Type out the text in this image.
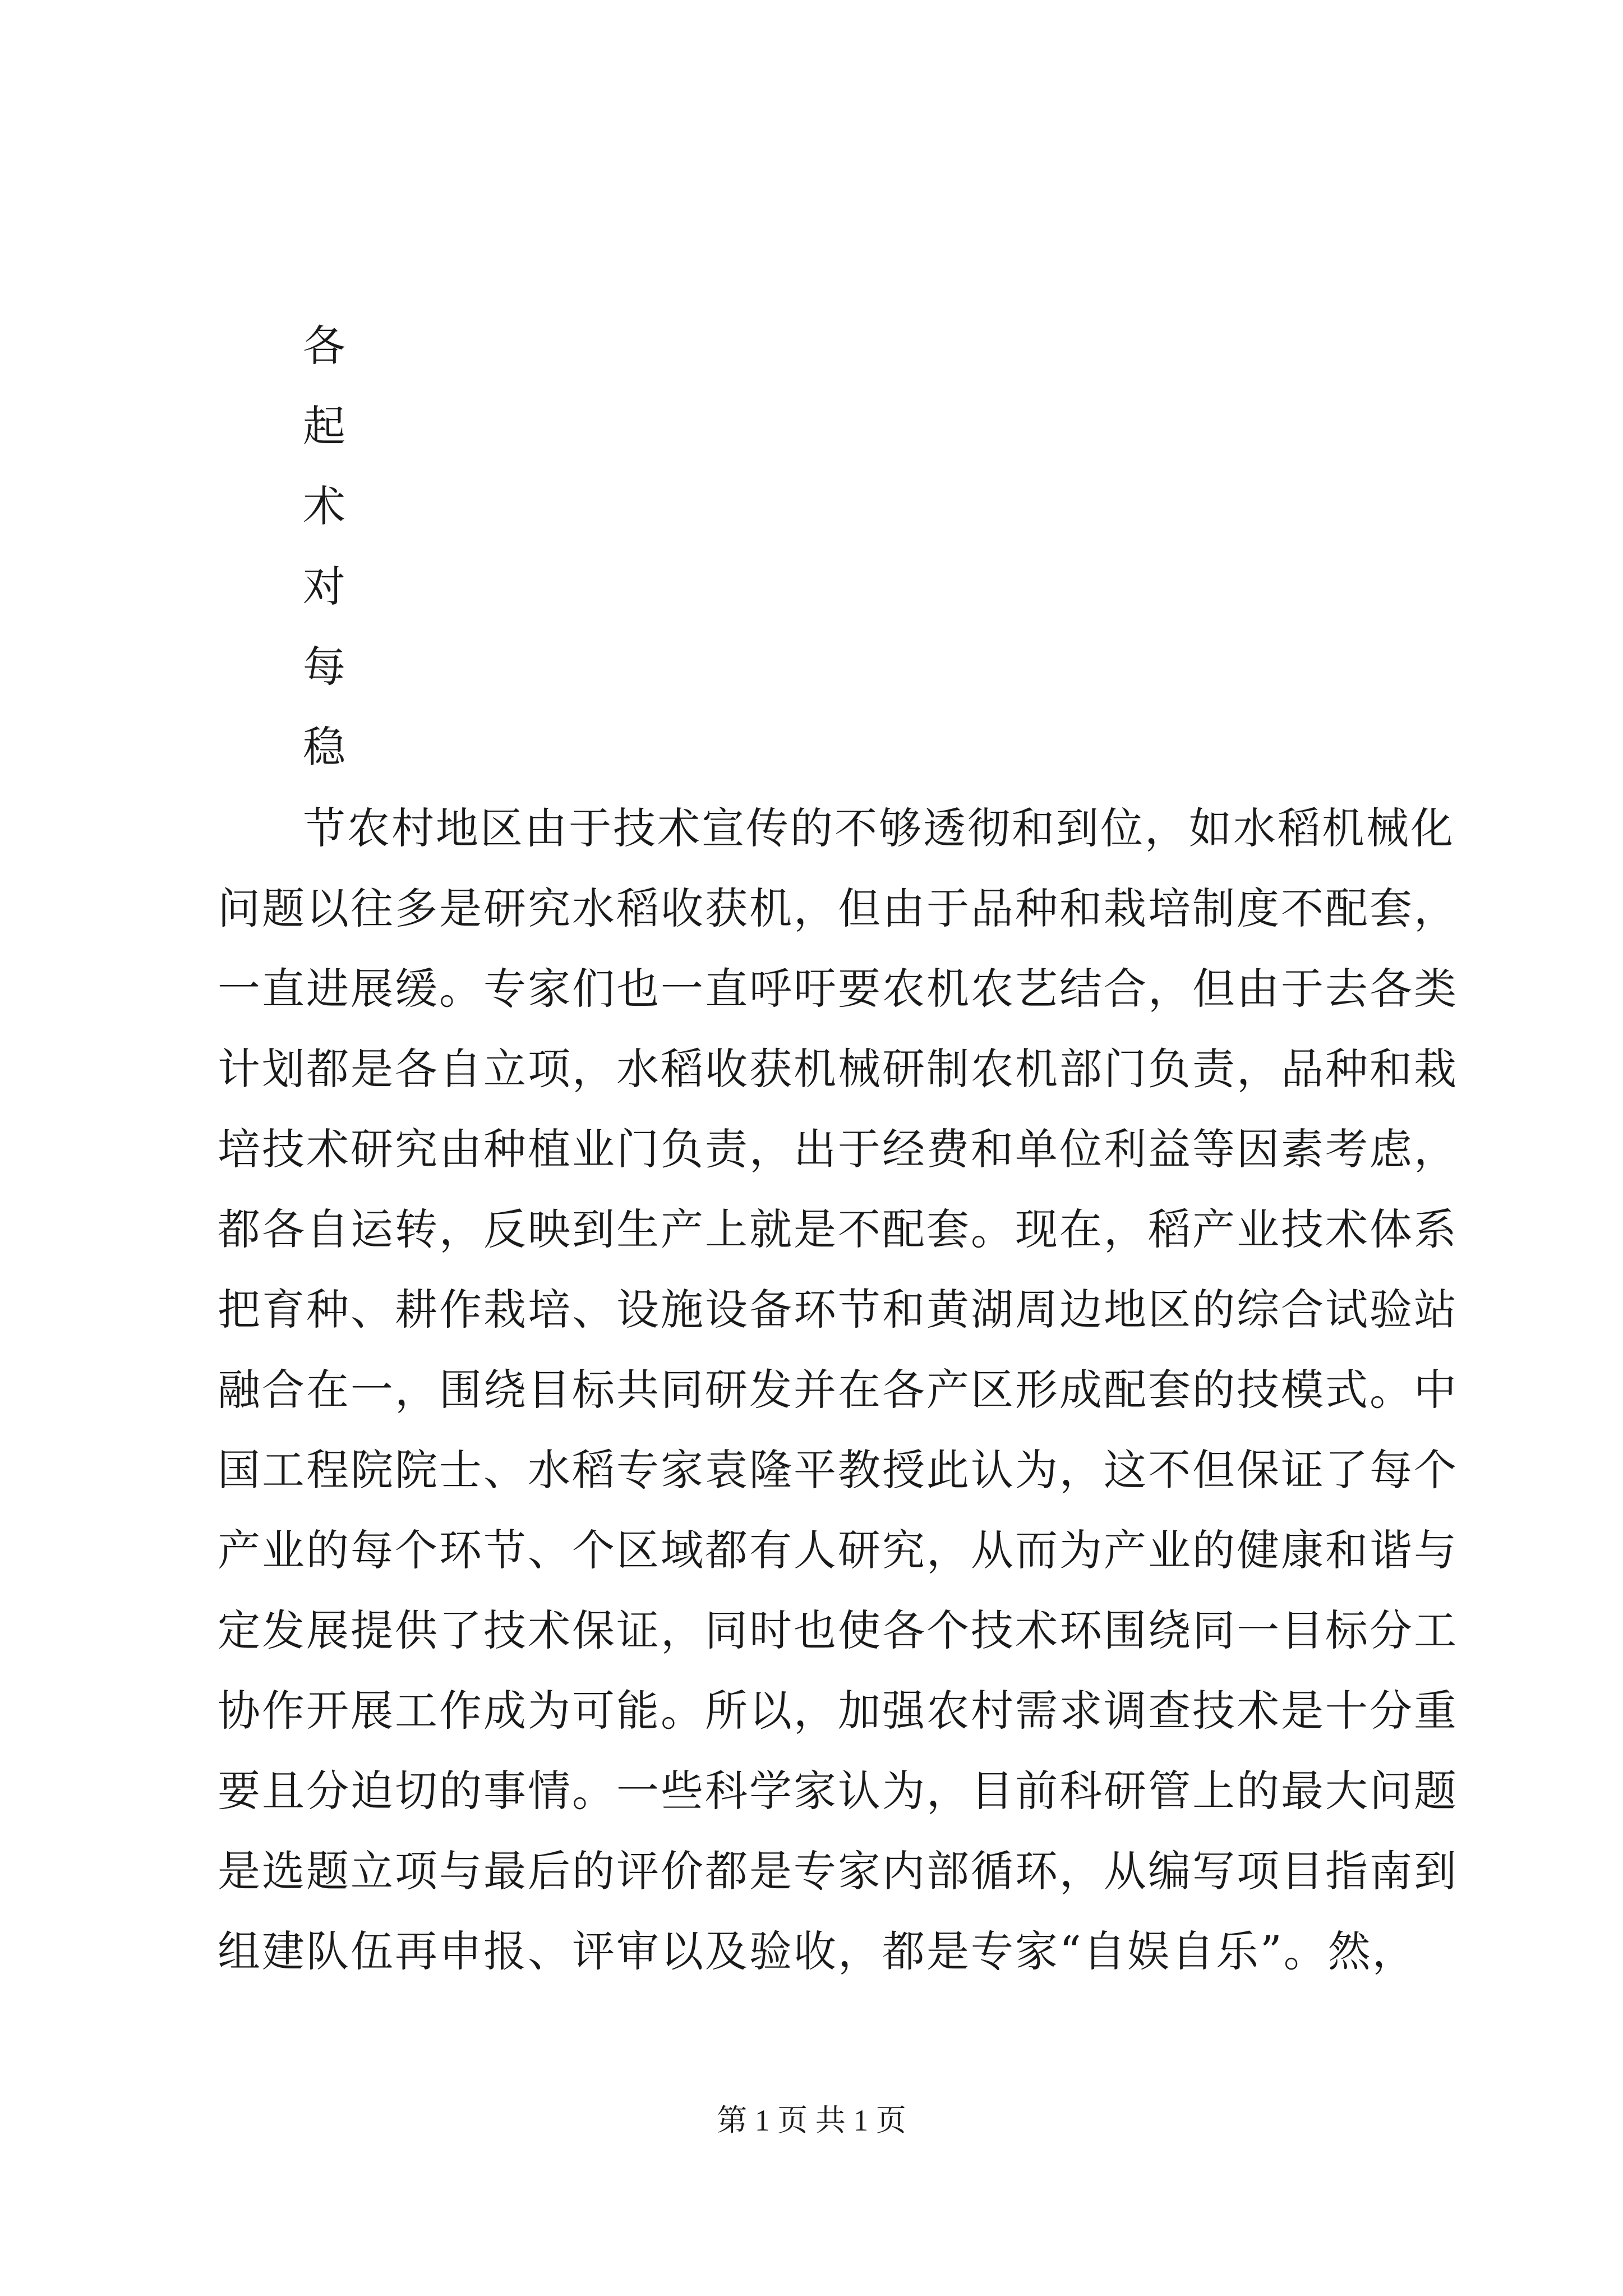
各
起
术
对
每
稳
节农村地区由于技术宣传的不够透彻和到位，如水稻机械化
问题以往多是研究水稻收获机，但由于品种和栽培制度不配套，
一直进展缓。专家们也一直呼吁要农机农艺结合，但由于去各类
计划都是各自立项，水稻收获机械研制农机部门负责，品种和栽
培技术研究由种植业门负责，出于经费和单位利益等因素考虑，
都各自运转，反映到生产上就是不配套。现在，稻产业技术体系
把育种、耕作栽培、设施设备环节和黄湖周边地区的综合试验站
融合在一，围绕目标共同研发并在各产区形成配套的技模式。中
国工程院院士、水稻专家袁隆平教授此认为，这不但保证了每个
产业的每个环节、个区域都有人研究，从而为产业的健康和谐与
定发展提供了技术保证，同时也使各个技术环围绕同一目标分工
协作开展工作成为可能。所以，加强农村需求调查技术是十分重
要且分迫切的事情。一些科学家认为，目前科研管上的最大问题
是选题立项与最后的评价都是专家内部循环，从编写项目指南到
组建队伍再申报、评审以及验收，都是专家“自娱自乐”。然，
第 1 页 共 1 页
